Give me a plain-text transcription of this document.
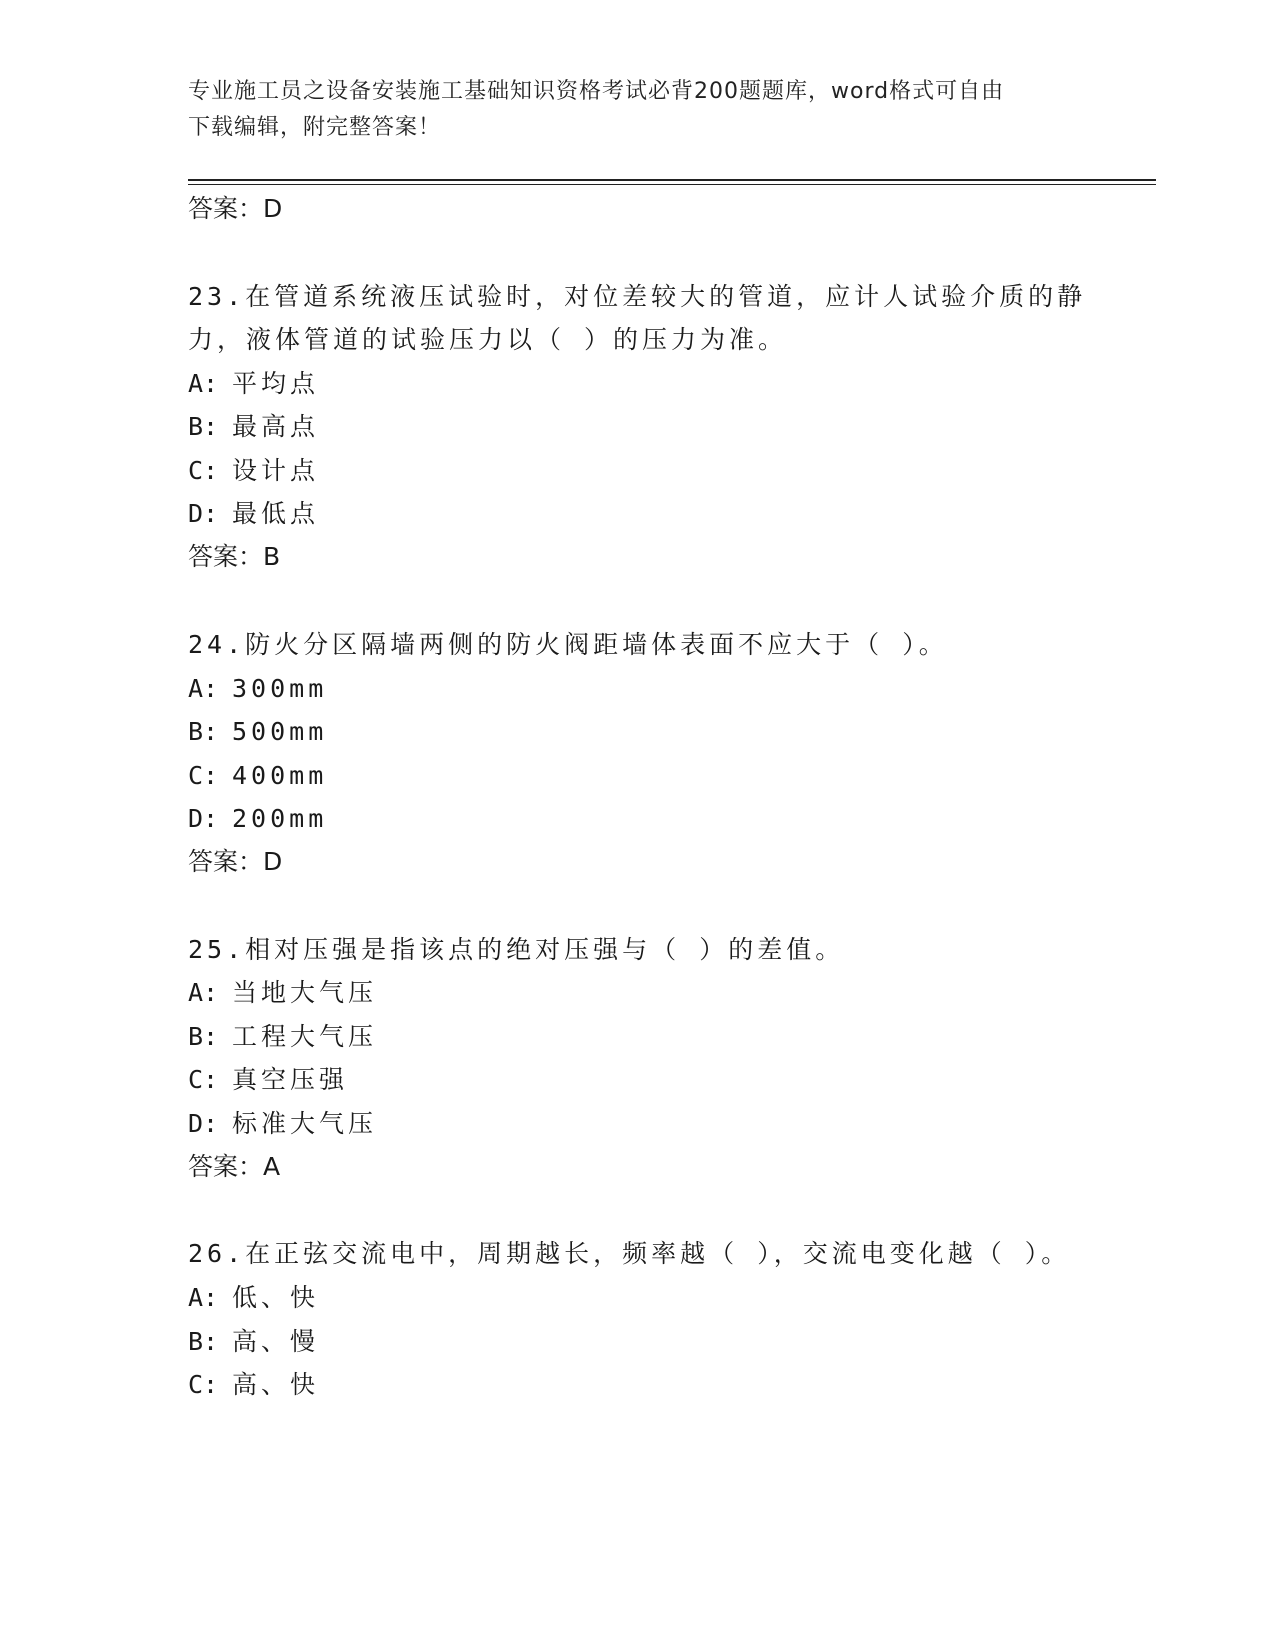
专业施工员之设备安装施工基础知识资格考试必背200题题库，word格式可自由
下载编辑，附完整答案！
答案：D
23.在管道系统液压试验时，对位差较大的管道，应计人试验介质的静
力，液体管道的试验压力以（ ）的压力为准。
A: 平均点
B: 最高点
C: 设计点
D: 最低点
答案：B
24.防火分区隔墙两侧的防火阀距墙体表面不应大于（ ）。
A: 300mm
B: 500mm
C: 400mm
D: 200mm
答案：D
25.相对压强是指该点的绝对压强与（ ）的差值。
A: 当地大气压
B: 工程大气压
C: 真空压强
D: 标准大气压
答案：A
26.在正弦交流电中，周期越长，频率越（ ），交流电变化越（ ）。
A: 低、快
B: 高、慢
C: 高、快
